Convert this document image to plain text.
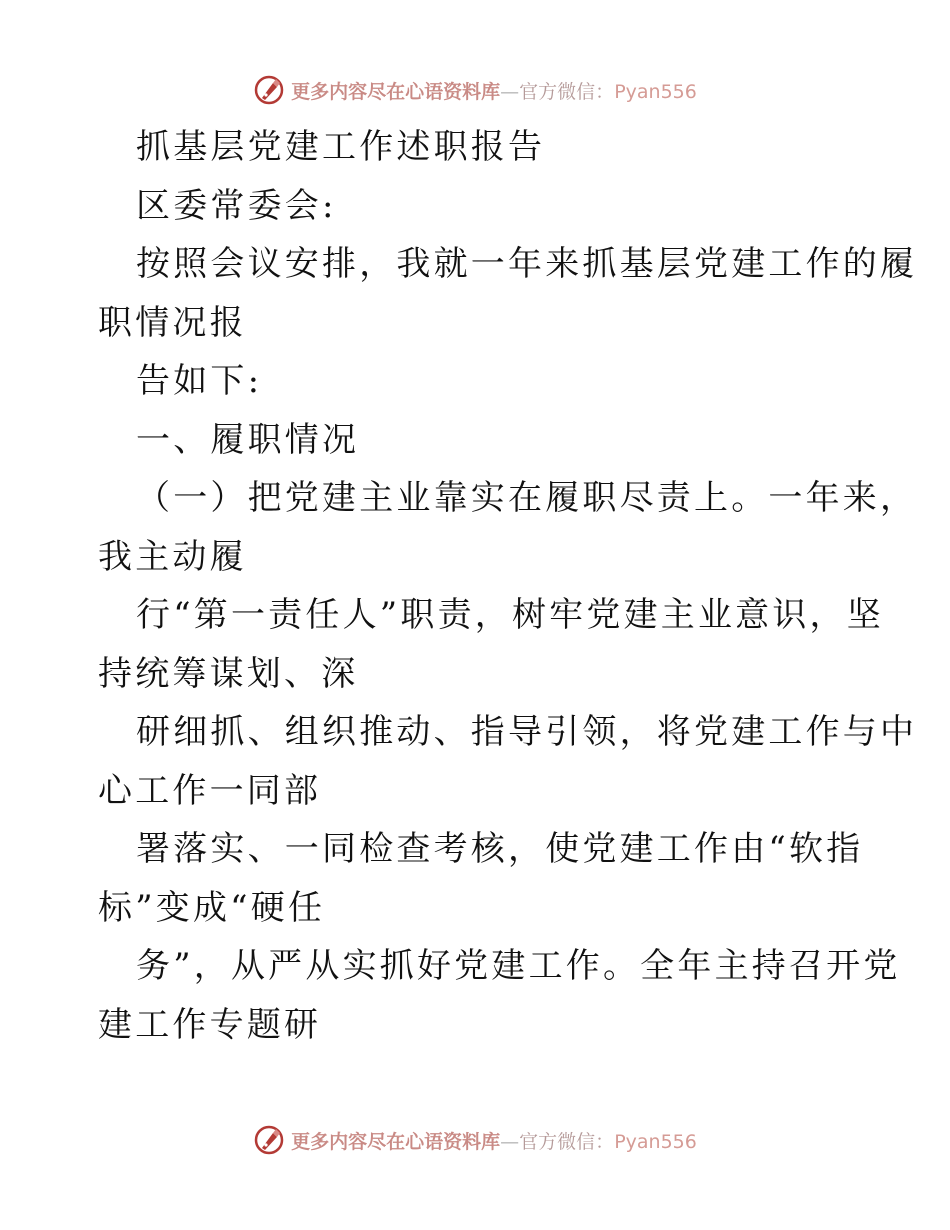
更多内容尽在心语资料库—官方微信：Pyan556
抓基层党建工作述职报告
区委常委会:
按照会议安排，我就一年来抓基层党建工作的履
职情况报
告如下:
一、履职情况
（一）把党建主业靠实在履职尽责上。一年来，
我主动履
行“第一责任人”职责，树牢党建主业意识，坚
持统筹谋划、深
研细抓、组织推动、指导引领，将党建工作与中
心工作一同部
署落实、一同检查考核，使党建工作由“软指
标”变成“硬任
务”，从严从实抓好党建工作。全年主持召开党
建工作专题研
更多内容尽在心语资料库—官方微信：Pyan556
